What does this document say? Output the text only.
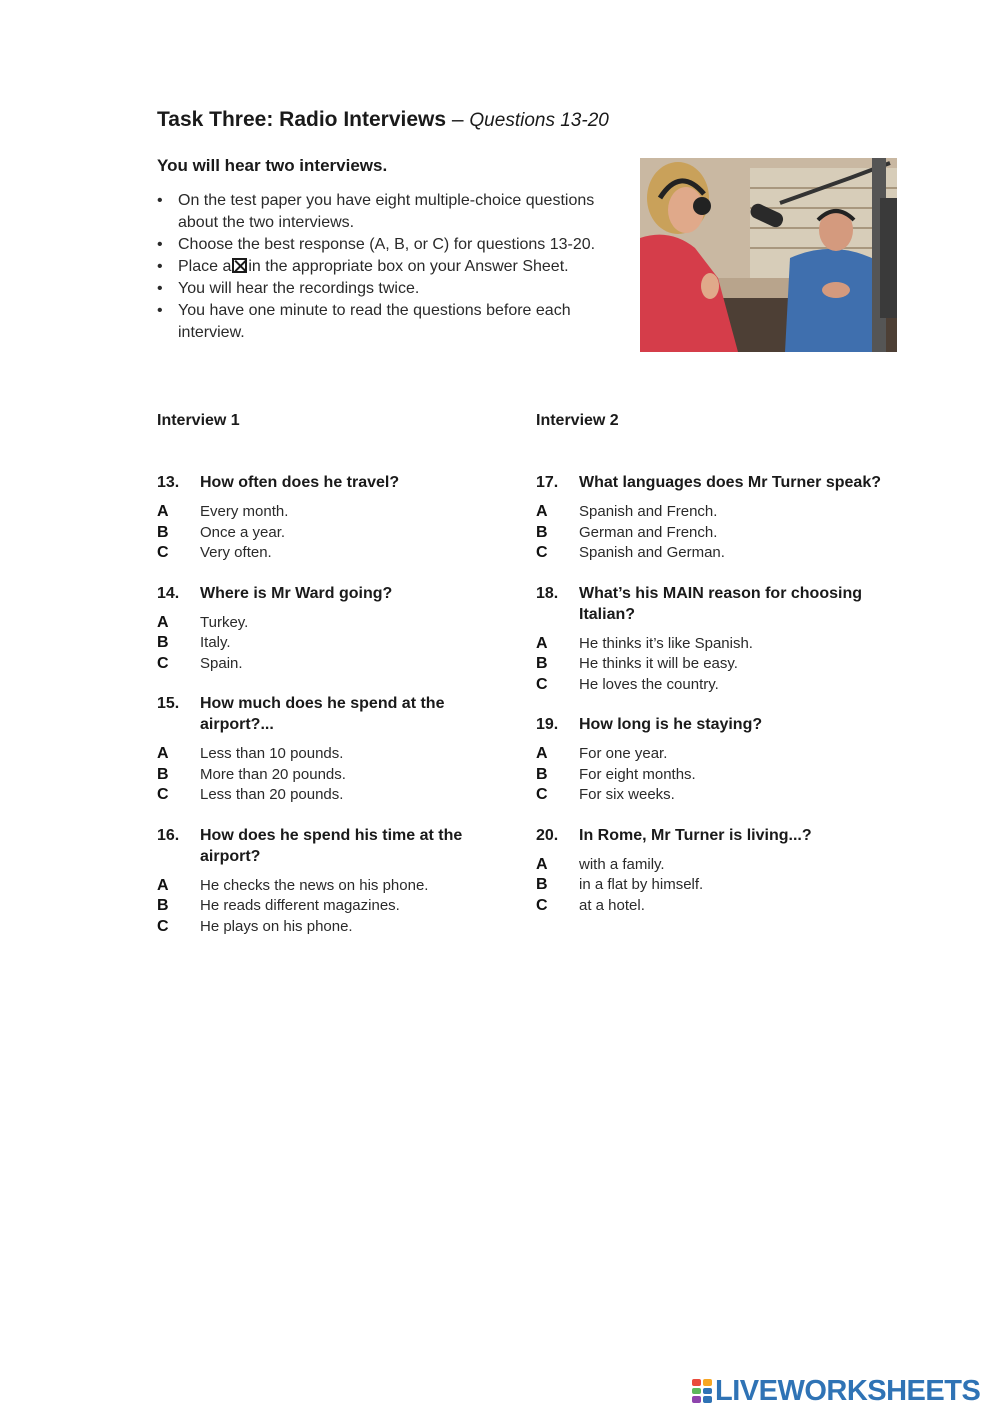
Task Three: Radio Interviews – Questions 13-20
You will hear two interviews.
• On the test paper you have eight multiple-choice questions about the two interviews.
• Choose the best response (A, B, or C) for questions 13-20.
• Place a☒in the appropriate box on your Answer Sheet.
• You will hear the recordings twice.
• You have one minute to read the questions before each interview.
Interview 1
13.	How often does he travel?
A	Every month.
B	Once a year.
C	Very often.
14.	Where is Mr Ward going?
A	Turkey.
B	Italy.
C	Spain.
15.	How much does he spend at the airport?...
A	Less than 10 pounds.
B	More than 20 pounds.
C	Less than 20 pounds.
16.	How does he spend his time at the airport?
A	He checks the news on his phone.
B	He reads different magazines.
C	He plays on his phone.
Interview 2
17.	What languages does Mr Turner speak?
A	Spanish and French.
B	German and French.
C	Spanish and German.
18.	What’s his MAIN reason for choosing Italian?
A	He thinks it’s like Spanish.
B	He thinks it will be easy.
C	He loves the country.
19.	How long is he staying?
A	For one year.
B	For eight months.
C	For six weeks.
20.	In Rome, Mr Turner is living...?
A	with a family.
B	in a flat by himself.
C	at a hotel.
LIVEWORKSHEETS
